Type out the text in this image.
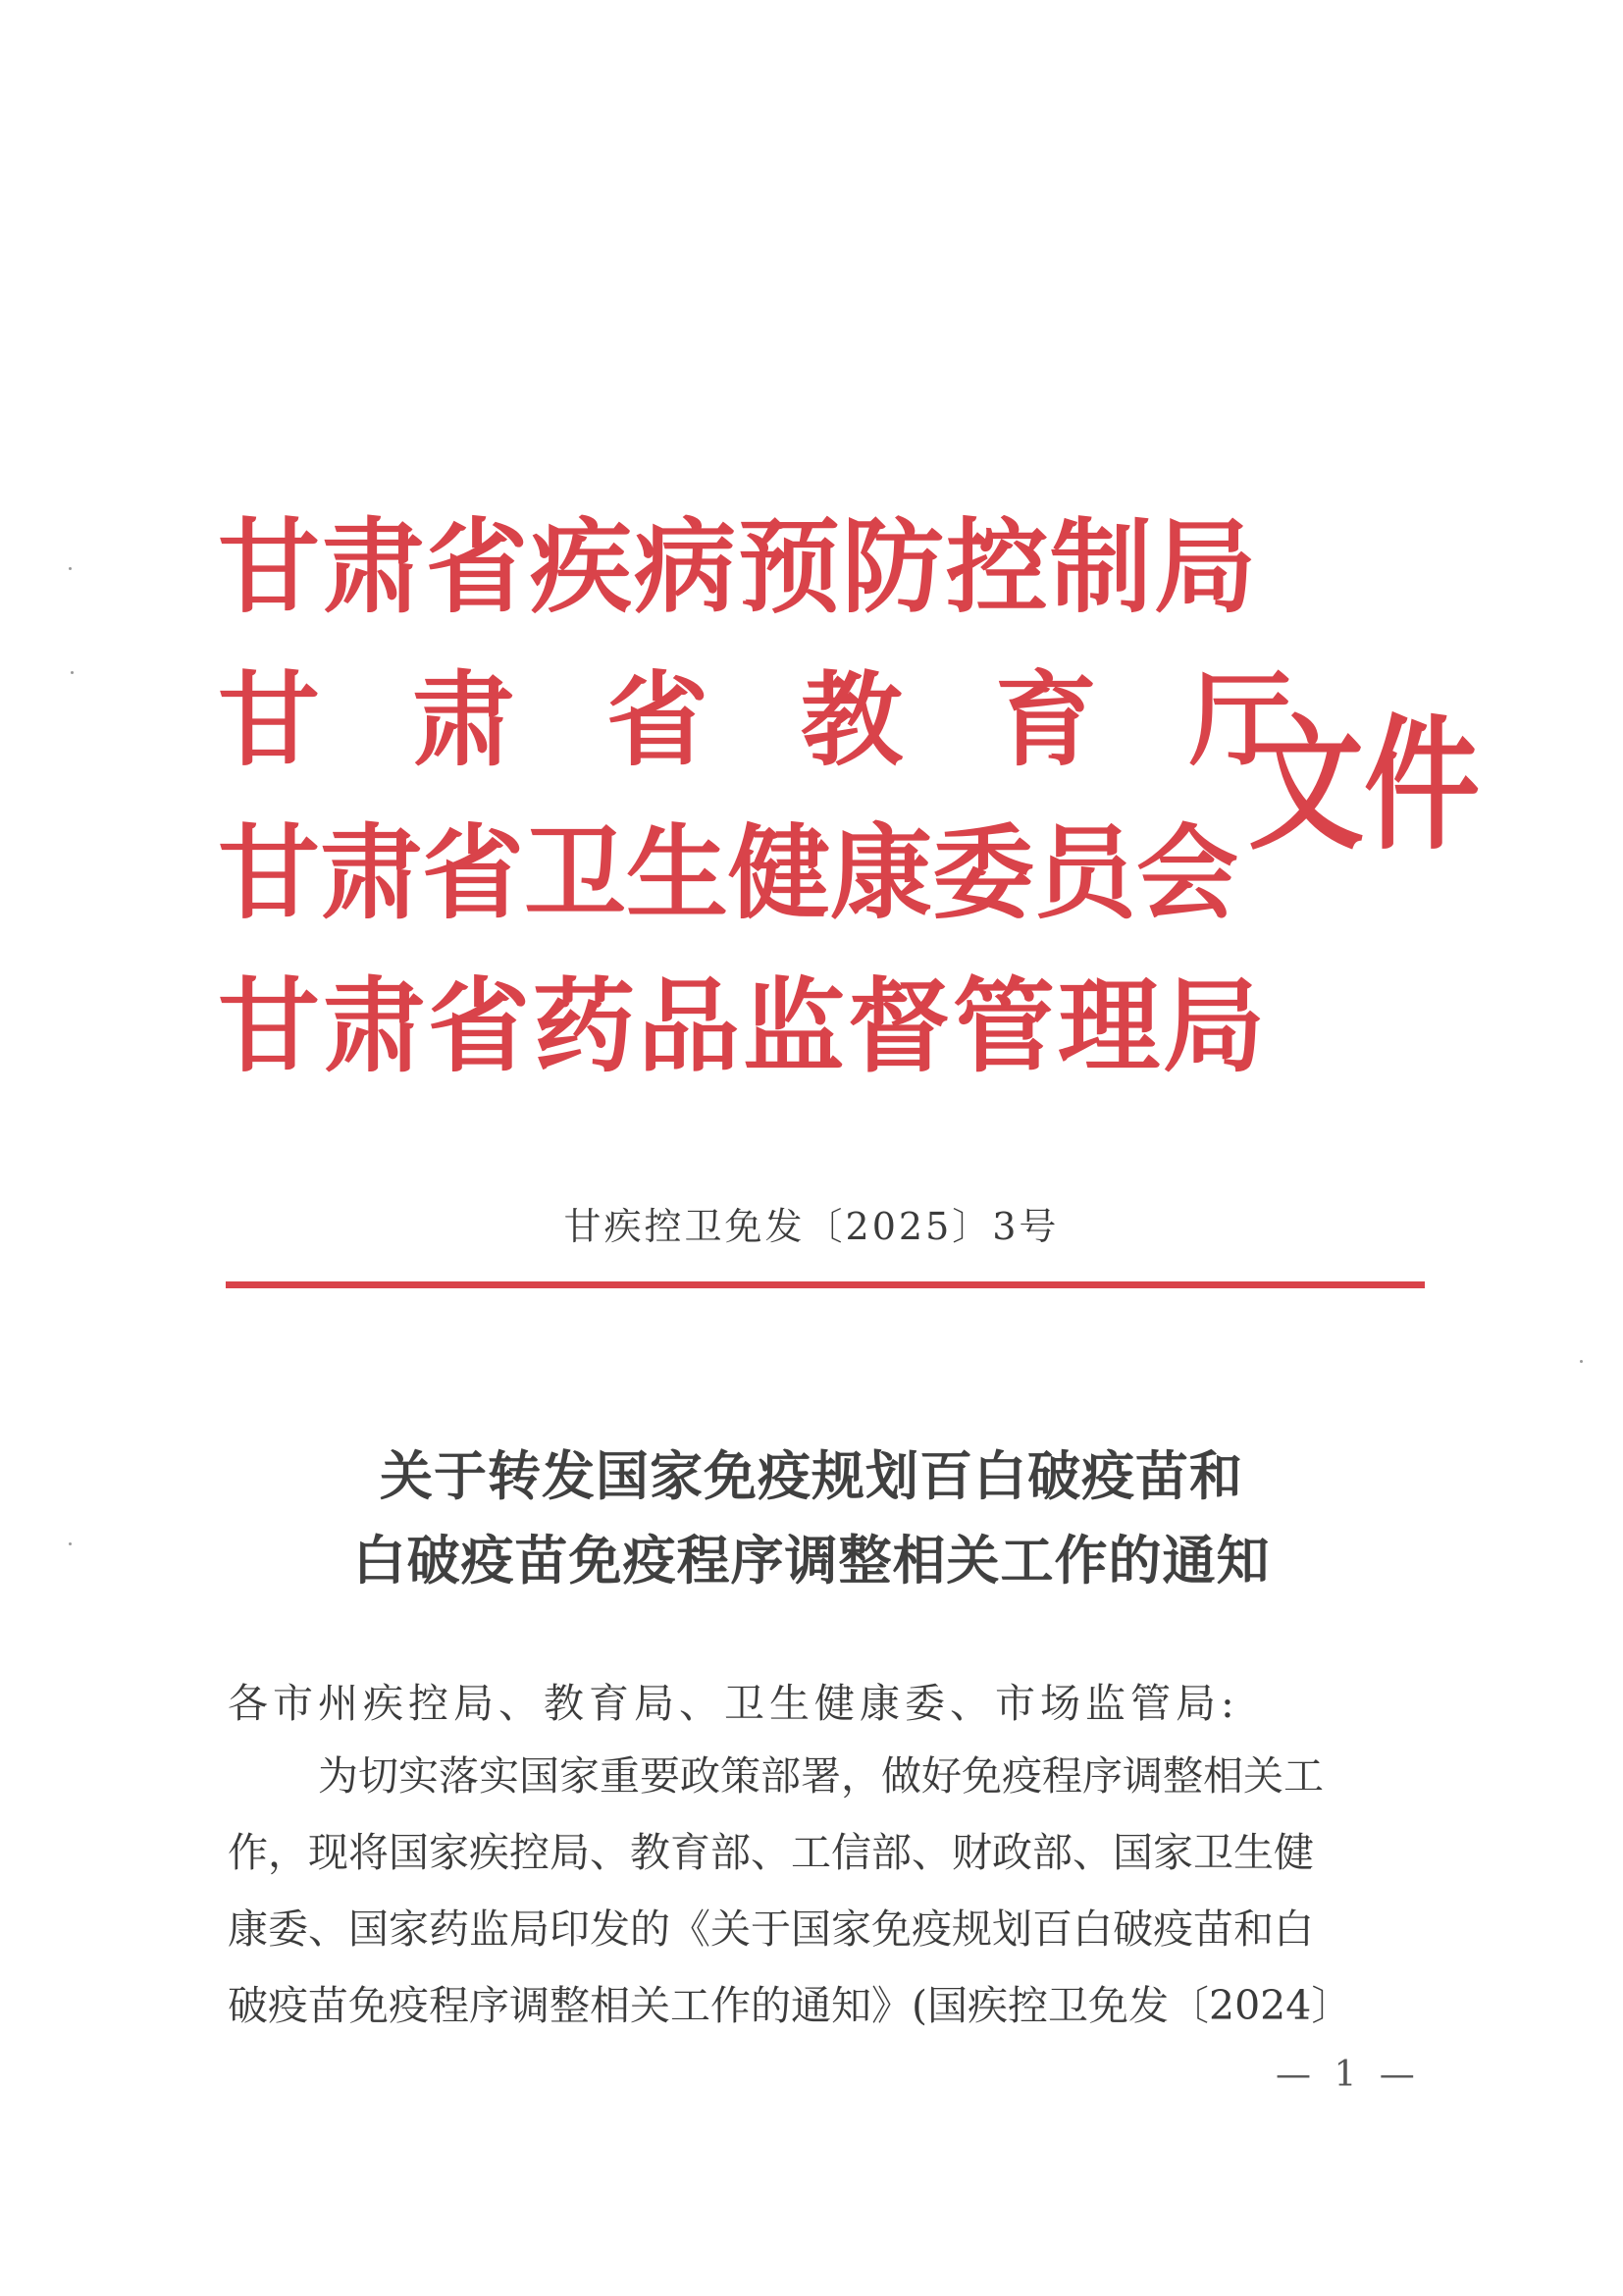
甘肃省疾病预防控制局
甘肃省教育厅
甘肃省卫生健康委员会
甘肃省药品监督管理局
文件
甘疾控卫免发〔2025〕3号
关于转发国家免疫规划百白破疫苗和
白破疫苗免疫程序调整相关工作的通知
各市州疾控局、教育局、卫生健康委、市场监管局:
为切实落实国家重要政策部署，做好免疫程序调整相关工
作，现将国家疾控局、教育部、工信部、财政部、国家卫生健
康委、国家药监局印发的《关于国家免疫规划百白破疫苗和白
破疫苗免疫程序调整相关工作的通知》(国疾控卫免发〔2024〕
— 1 —
